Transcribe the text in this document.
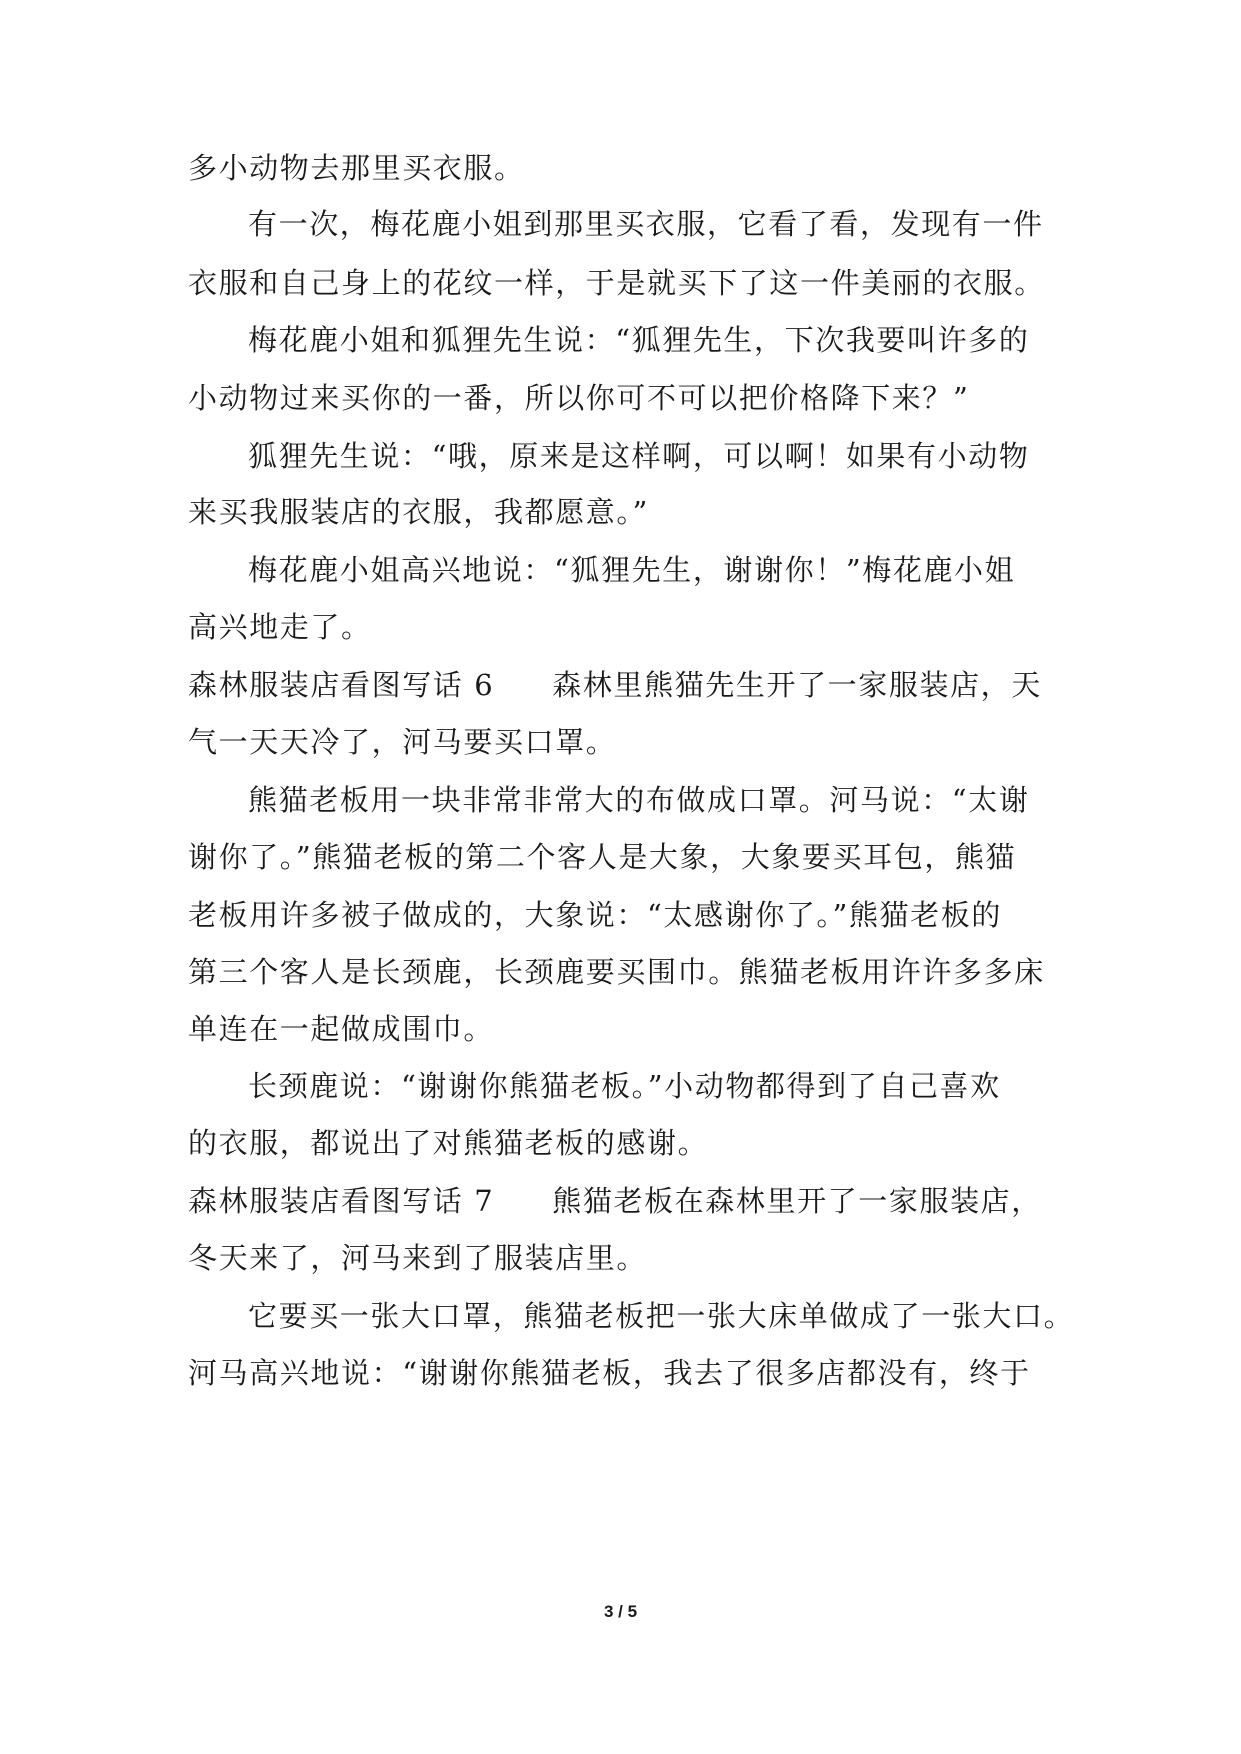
多小动物去那里买衣服。
有一次，梅花鹿小姐到那里买衣服，它看了看，发现有一件
衣服和自己身上的花纹一样，于是就买下了这一件美丽的衣服。
梅花鹿小姐和狐狸先生说：“狐狸先生，下次我要叫许多的
小动物过来买你的一番，所以你可不可以把价格降下来？”
狐狸先生说：“哦，原来是这样啊，可以啊！如果有小动物
来买我服装店的衣服，我都愿意。”
梅花鹿小姐高兴地说：“狐狸先生，谢谢你！”梅花鹿小姐
高兴地走了。
森林服装店看图写话 6 森林里熊猫先生开了一家服装店，天
气一天天冷了，河马要买口罩。
熊猫老板用一块非常非常大的布做成口罩。河马说：“太谢
谢你了。”熊猫老板的第二个客人是大象，大象要买耳包，熊猫
老板用许多被子做成的，大象说：“太感谢你了。”熊猫老板的
第三个客人是长颈鹿，长颈鹿要买围巾。熊猫老板用许许多多床
单连在一起做成围巾。
长颈鹿说：“谢谢你熊猫老板。”小动物都得到了自己喜欢
的衣服，都说出了对熊猫老板的感谢。
森林服装店看图写话 7 熊猫老板在森林里开了一家服装店，
冬天来了，河马来到了服装店里。
它要买一张大口罩，熊猫老板把一张大床单做成了一张大口。
河马高兴地说：“谢谢你熊猫老板，我去了很多店都没有，终于
3 / 5
